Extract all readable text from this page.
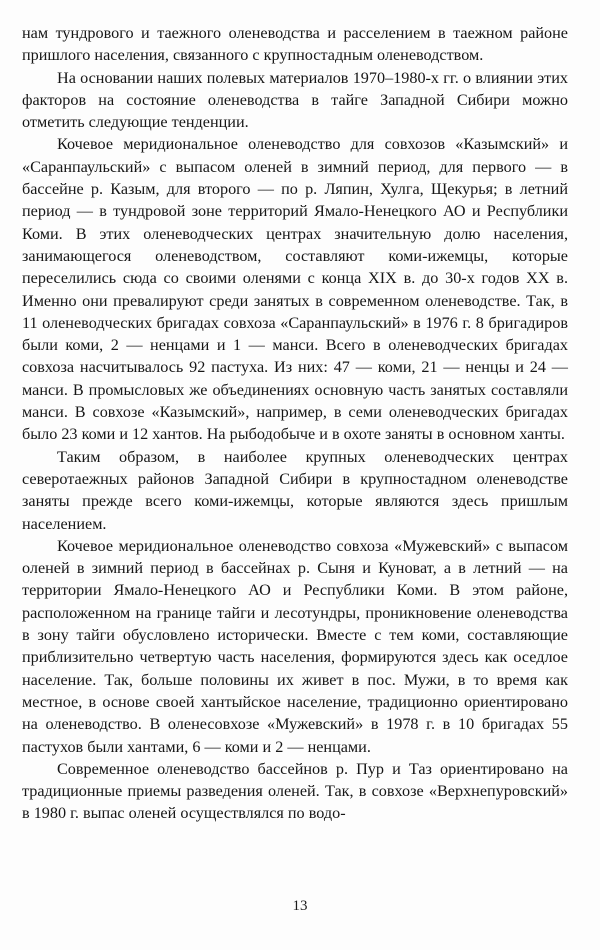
нам тундрового и таежного оленеводства и расселением в таежном районе пришлого населения, связанного с крупностадным оленеводством.

На основании наших полевых материалов 1970–1980-х гг. о влиянии этих факторов на состояние оленеводства в тайге Западной Сибири можно отметить следующие тенденции.

Кочевое меридиональное оленеводство для совхозов «Казымский» и «Саранпаульский» с выпасом оленей в зимний период, для первого — в бассейне р. Казым, для второго — по р. Ляпин, Хулга, Щекурья; в летний период — в тундровой зоне территорий Ямало-Ненецкого АО и Республики Коми. В этих оленеводческих центрах значительную долю населения, занимающегося оленеводством, составляют коми-ижемцы, которые переселились сюда со своими оленями с конца XIX в. до 30-х годов XX в. Именно они превалируют среди занятых в современном оленеводстве. Так, в 11 оленеводческих бригадах совхоза «Саранпаульский» в 1976 г. 8 бригадиров были коми, 2 — ненцами и 1 — манси. Всего в оленеводческих бригадах совхоза насчитывалось 92 пастуха. Из них: 47 — коми, 21 — ненцы и 24 — манси. В промысловых же объединениях основную часть занятых составляли манси. В совхозе «Казымский», например, в семи оленеводческих бригадах было 23 коми и 12 хантов. На рыбодобыче и в охоте заняты в основном ханты.

Таким образом, в наиболее крупных оленеводческих центрах северотаежных районов Западной Сибири в крупностадном оленеводстве заняты прежде всего коми-ижемцы, которые являются здесь пришлым населением.

Кочевое меридиональное оленеводство совхоза «Мужевский» с выпасом оленей в зимний период в бассейнах р. Сыня и Куноват, а в летний — на территории Ямало-Ненецкого АО и Республики Коми. В этом районе, расположенном на границе тайги и лесотундры, проникновение оленеводства в зону тайги обусловлено исторически. Вместе с тем коми, составляющие приблизительно четвертую часть населения, формируются здесь как оседлое население. Так, больше половины их живет в пос. Мужи, в то время как местное, в основе своей хантыйское население, традиционно ориентировано на оленеводство. В оленесовхозе «Мужевский» в 1978 г. в 10 бригадах 55 пастухов были хантами, 6 — коми и 2 — ненцами.

Современное оленеводство бассейнов р. Пур и Таз ориентировано на традиционные приемы разведения оленей. Так, в совхозе «Верхнепуровский» в 1980 г. выпас оленей осуществлялся по водо-

13
